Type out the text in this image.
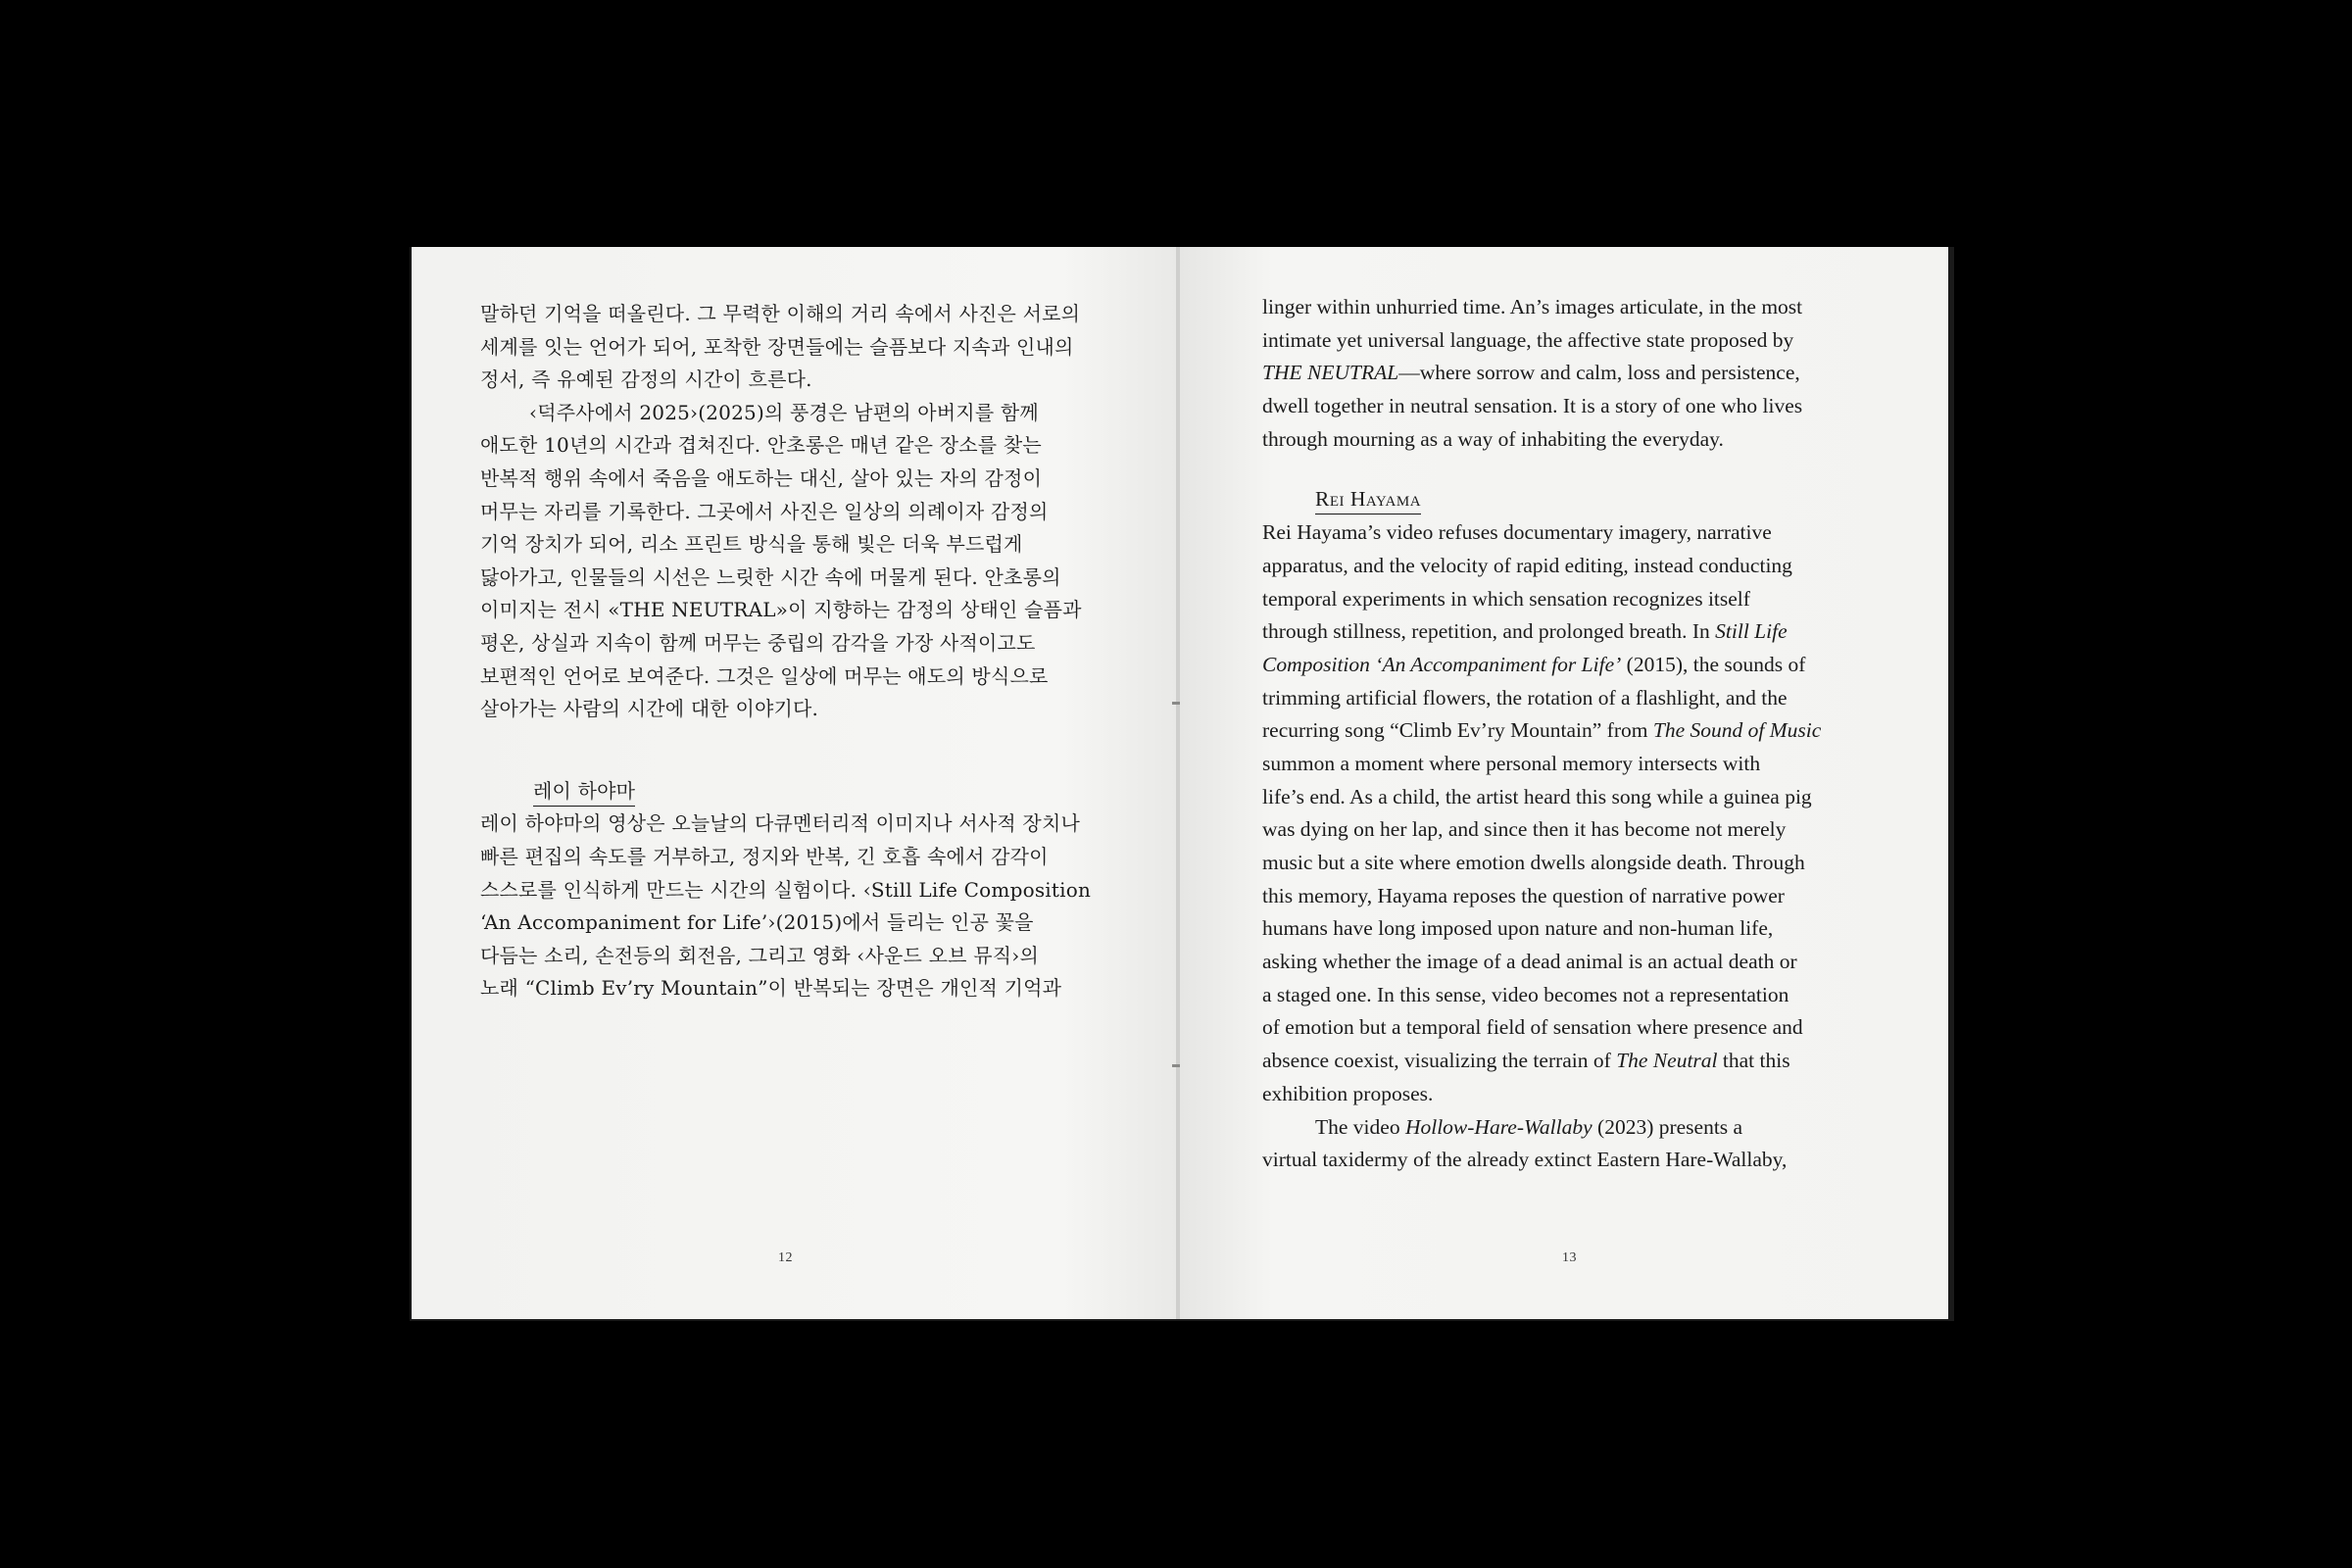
말하던 기억을 떠올린다. 그 무력한 이해의 거리 속에서 사진은 서로의
세계를 잇는 언어가 되어, 포착한 장면들에는 슬픔보다 지속과 인내의
정서, 즉 유예된 감정의 시간이 흐른다.
‹덕주사에서 2025›(2025)의 풍경은 남편의 아버지를 함께
애도한 10년의 시간과 겹쳐진다. 안초롱은 매년 같은 장소를 찾는
반복적 행위 속에서 죽음을 애도하는 대신, 살아 있는 자의 감정이
머무는 자리를 기록한다. 그곳에서 사진은 일상의 의례이자 감정의
기억 장치가 되어, 리소 프린트 방식을 통해 빛은 더욱 부드럽게
닳아가고, 인물들의 시선은 느릿한 시간 속에 머물게 된다. 안초롱의
이미지는 전시 «THE NEUTRAL»이 지향하는 감정의 상태인 슬픔과
평온, 상실과 지속이 함께 머무는 중립의 감각을 가장 사적이고도
보편적인 언어로 보여준다. 그것은 일상에 머무는 애도의 방식으로
살아가는 사람의 시간에 대한 이야기다.
레이 하야마
레이 하야마의 영상은 오늘날의 다큐멘터리적 이미지나 서사적 장치나
빠른 편집의 속도를 거부하고, 정지와 반복, 긴 호흡 속에서 감각이
스스로를 인식하게 만드는 시간의 실험이다. ‹Still Life Composition
‘An Accompaniment for Life’›(2015)에서 들리는 인공 꽃을
다듬는 소리, 손전등의 회전음, 그리고 영화 ‹사운드 오브 뮤직›의
노래 “Climb Ev’ry Mountain”이 반복되는 장면은 개인적 기억과
12
linger within unhurried time. An’s images articulate, in the most
intimate yet universal language, the affective state proposed by
THE NEUTRAL—where sorrow and calm, loss and persistence,
dwell together in neutral sensation. It is a story of one who lives
through mourning as a way of inhabiting the everyday.
Rei Hayama
Rei Hayama’s video refuses documentary imagery, narrative
apparatus, and the velocity of rapid editing, instead conducting
temporal experiments in which sensation recognizes itself
through stillness, repetition, and prolonged breath. In Still Life
Composition ‘An Accompaniment for Life’ (2015), the sounds of
trimming artificial flowers, the rotation of a flashlight, and the
recurring song “Climb Ev’ry Mountain” from The Sound of Music
summon a moment where personal memory intersects with
life’s end. As a child, the artist heard this song while a guinea pig
was dying on her lap, and since then it has become not merely
music but a site where emotion dwells alongside death. Through
this memory, Hayama reposes the question of narrative power
humans have long imposed upon nature and non-human life,
asking whether the image of a dead animal is an actual death or
a staged one. In this sense, video becomes not a representation
of emotion but a temporal field of sensation where presence and
absence coexist, visualizing the terrain of The Neutral that this
exhibition proposes.
The video Hollow-Hare-Wallaby (2023) presents a
virtual taxidermy of the already extinct Eastern Hare-Wallaby,
13
